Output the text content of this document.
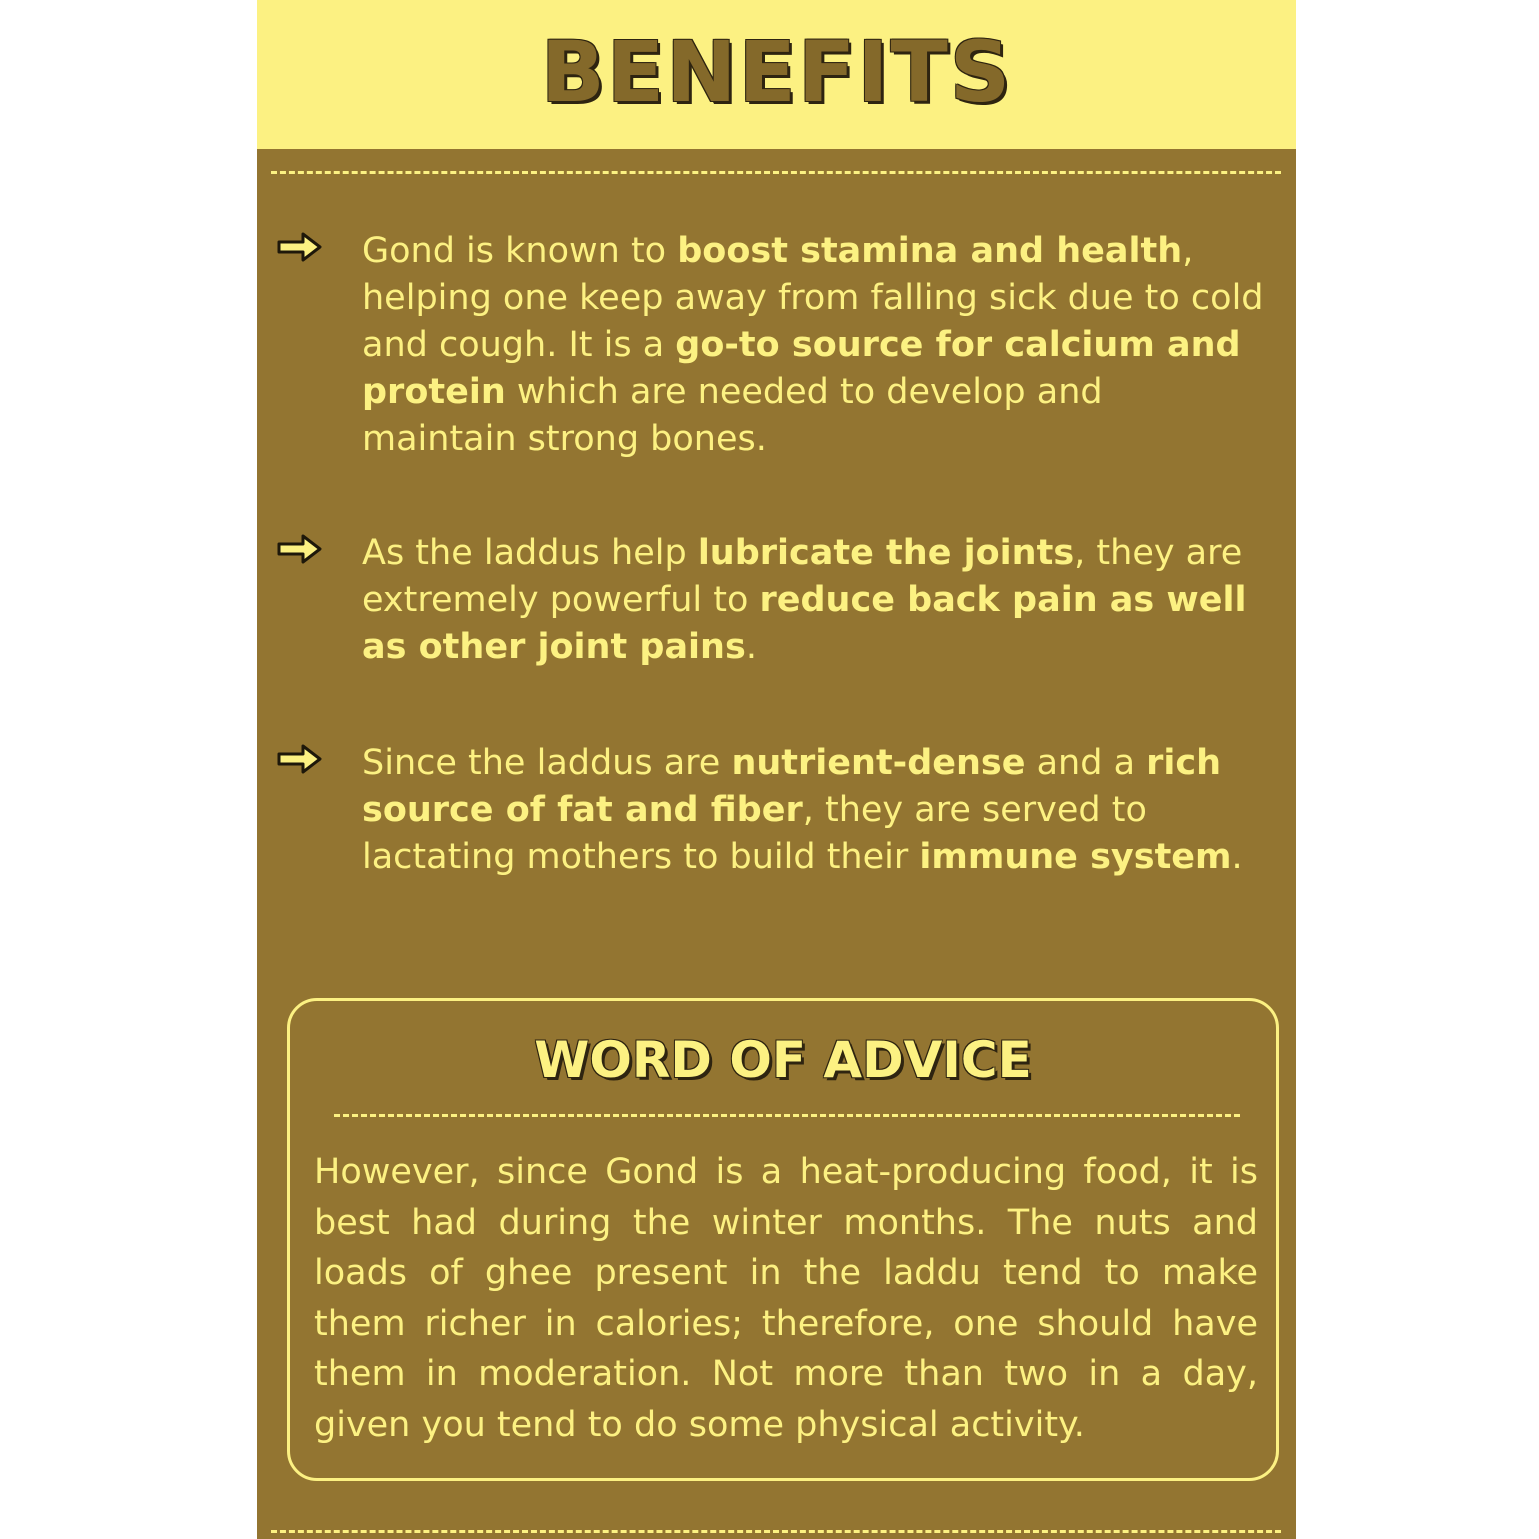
BENEFITS

Gond is known to boost stamina and health, helping one keep away from falling sick due to cold and cough. It is a go-to source for calcium and protein which are needed to develop and maintain strong bones.

As the laddus help lubricate the joints, they are extremely powerful to reduce back pain as well as other joint pains.

Since the laddus are nutrient-dense and a rich source of fat and fiber, they are served to lactating mothers to build their immune system.

WORD OF ADVICE

However, since Gond is a heat-producing food, it is best had during the winter months. The nuts and loads of ghee present in the laddu tend to make them richer in calories; therefore, one should have them in moderation. Not more than two in a day, given you tend to do some physical activity.
